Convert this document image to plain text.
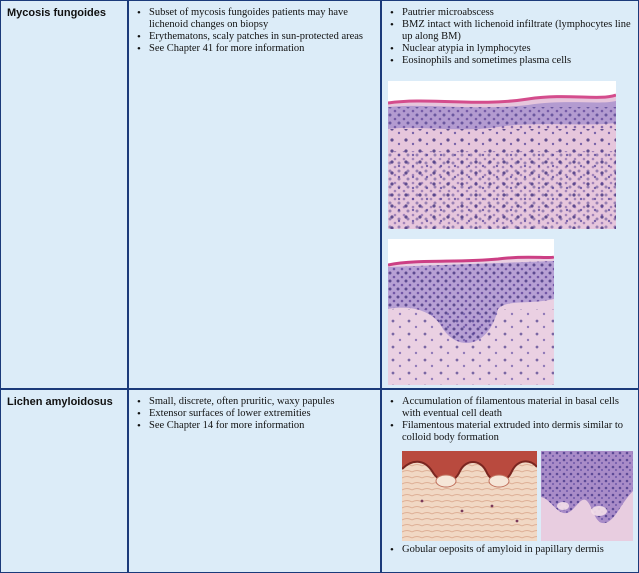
Mycosis fungoides	• Subset of mycosis fungoides patients may have lichenoid changes on biopsy
• Erythematons, scaly patches in sun-protected areas
• See Chapter 41 for more information
• Pautrier microabscess
• BMZ intact with lichenoid infiltrate (lymphocytes line up along BM)
• Nuclear atypia in lymphocytes
• Eosinophils and sometimes plasma cells
Lichen amyloidosus	• Small, discrete, often pruritic, waxy papules
• Extensor surfaces of lower extremities
• See Chapter 14 for more information
• Accumulation of filamentous material in basal cells with eventual cell death
• Filamentous material extruded into dermis similar to colloid body formation
• Gobular oeposits of amyloid in papillary dermis
